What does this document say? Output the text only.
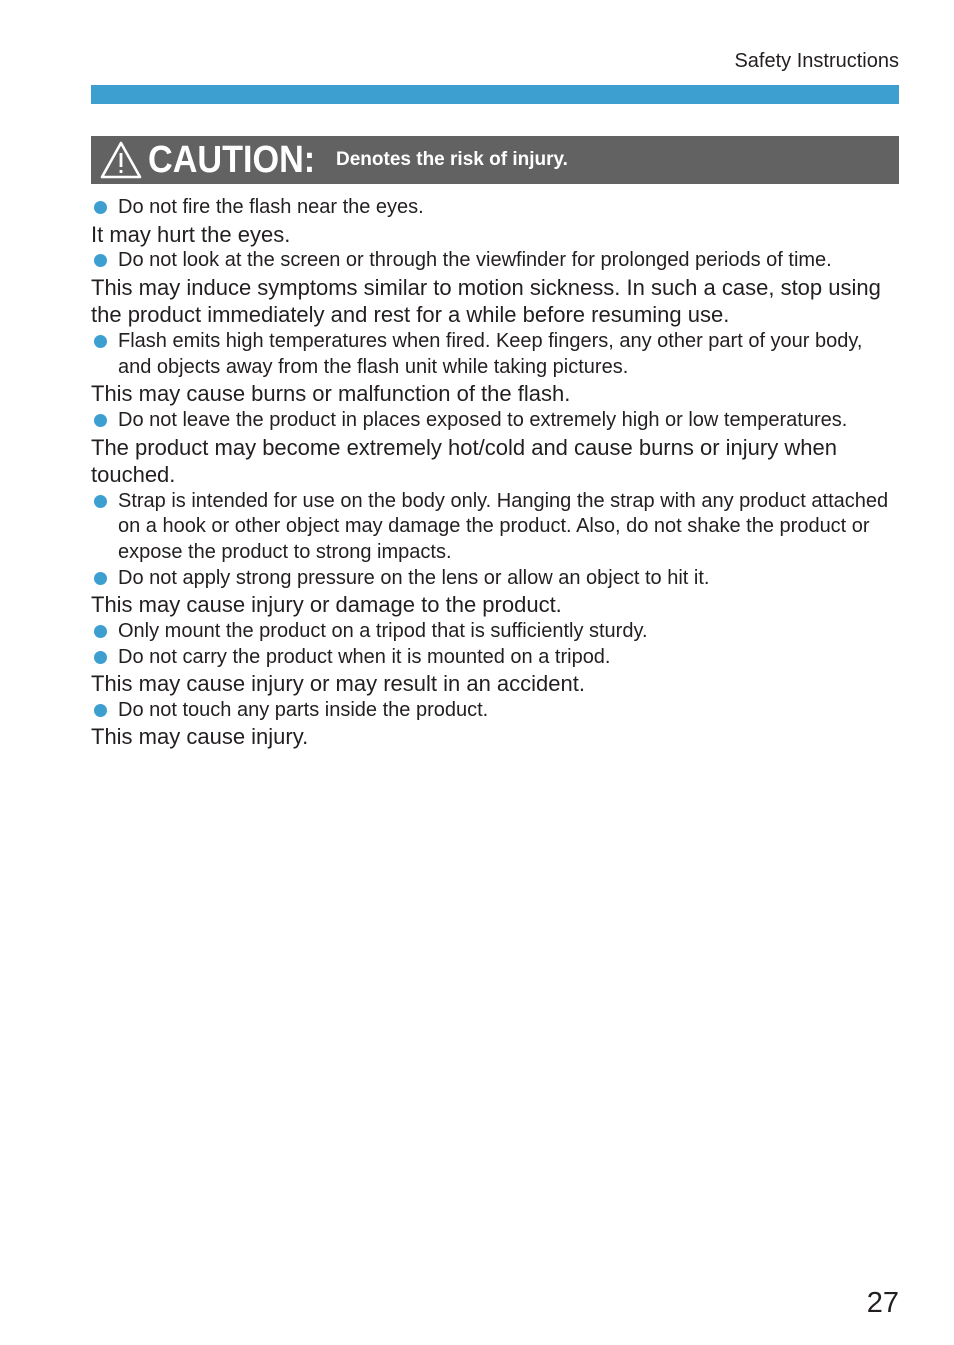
Safety Instructions
CAUTION: Denotes the risk of injury.
Do not fire the flash near the eyes.
It may hurt the eyes.
Do not look at the screen or through the viewfinder for prolonged periods of time.
This may induce symptoms similar to motion sickness. In such a case, stop using the product immediately and rest for a while before resuming use.
Flash emits high temperatures when fired. Keep fingers, any other part of your body, and objects away from the flash unit while taking pictures.
This may cause burns or malfunction of the flash.
Do not leave the product in places exposed to extremely high or low temperatures.
The product may become extremely hot/cold and cause burns or injury when touched.
Strap is intended for use on the body only. Hanging the strap with any product attached on a hook or other object may damage the product. Also, do not shake the product or expose the product to strong impacts.
Do not apply strong pressure on the lens or allow an object to hit it.
This may cause injury or damage to the product.
Only mount the product on a tripod that is sufficiently sturdy.
Do not carry the product when it is mounted on a tripod.
This may cause injury or may result in an accident.
Do not touch any parts inside the product.
This may cause injury.
27
